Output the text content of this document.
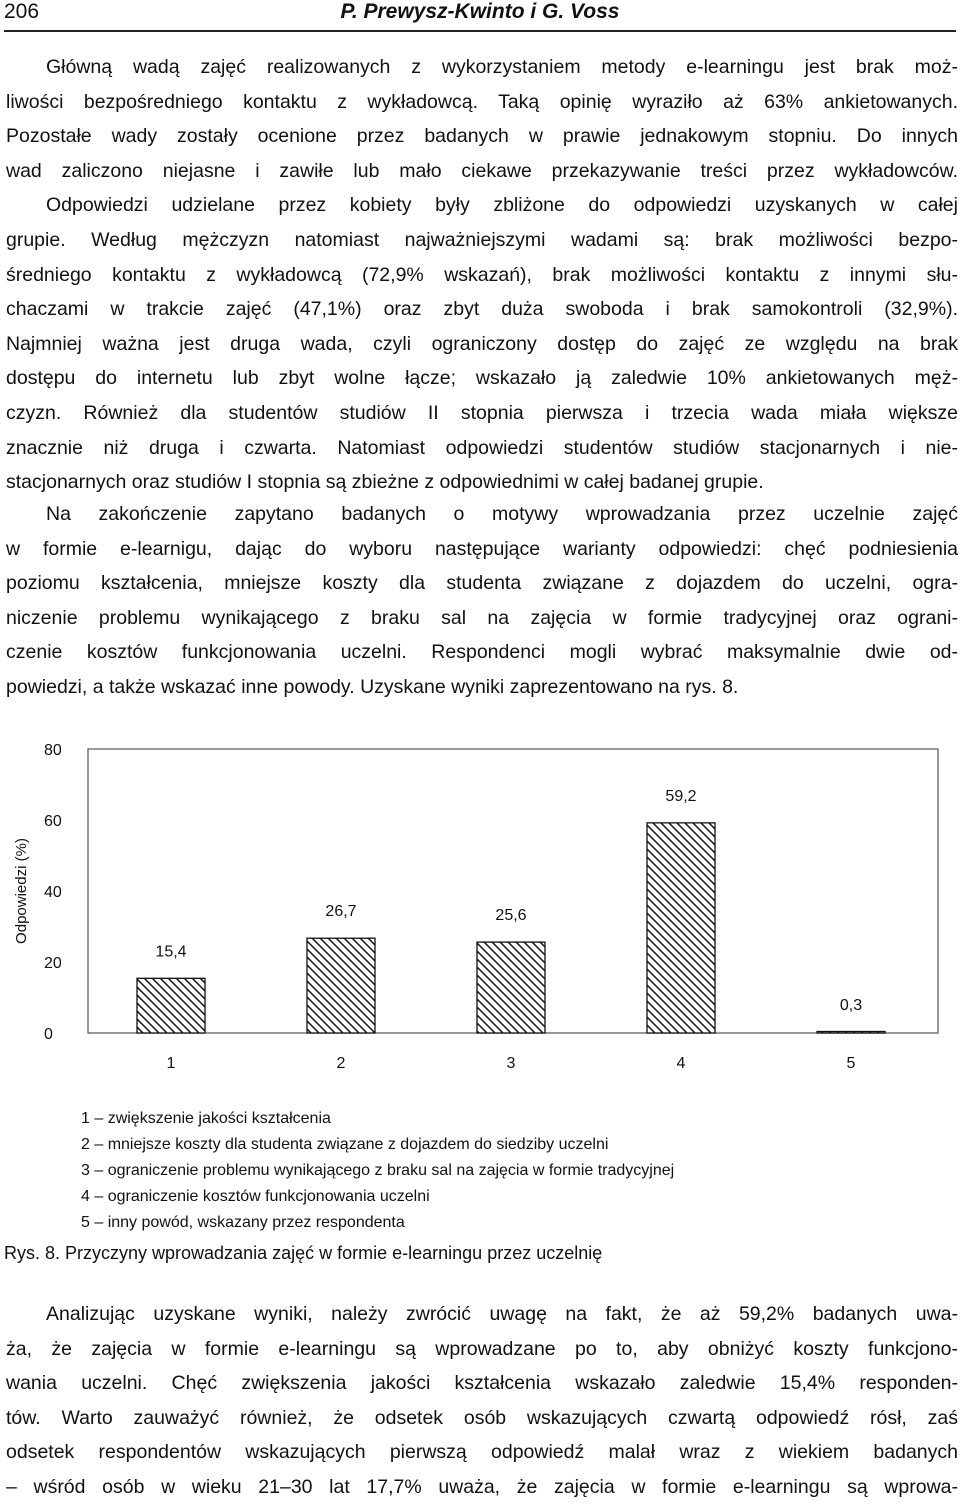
206	P. Prewysz-Kwinto i G. Voss
Główną wadą zajęć realizowanych z wykorzystaniem metody e-learningu jest brak moż-
liwości bezpośredniego kontaktu z wykładowcą. Taką opinię wyraziło aż 63% ankietowanych.
Pozostałe wady zostały ocenione przez badanych w prawie jednakowym stopniu. Do innych
wad zaliczono niejasne i zawiłe lub mało ciekawe przekazywanie treści przez wykładowców.
Odpowiedzi udzielane przez kobiety były zbliżone do odpowiedzi uzyskanych w całej
grupie. Według mężczyzn natomiast najważniejszymi wadami są: brak możliwości bezpo-
średniego kontaktu z wykładowcą (72,9% wskazań), brak możliwości kontaktu z innymi słu-
chaczami w trakcie zajęć (47,1%) oraz zbyt duża swoboda i brak samokontroli (32,9%).
Najmniej ważna jest druga wada, czyli ograniczony dostęp do zajęć ze względu na brak
dostępu do internetu lub zbyt wolne łącze; wskazało ją zaledwie 10% ankietowanych męż-
czyzn. Również dla studentów studiów II stopnia pierwsza i trzecia wada miała większe
znacznie niż druga i czwarta. Natomiast odpowiedzi studentów studiów stacjonarnych i nie-
stacjonarnych oraz studiów I stopnia są zbieżne z odpowiednimi w całej badanej grupie.
Na zakończenie zapytano badanych o motywy wprowadzania przez uczelnie zajęć
w formie e-learnigu, dając do wyboru następujące warianty odpowiedzi: chęć podniesienia
poziomu kształcenia, mniejsze koszty dla studenta związane z dojazdem do uczelni, ogra-
niczenie problemu wynikającego z braku sal na zajęcia w formie tradycyjnej oraz ograni-
czenie kosztów funkcjonowania uczelni. Respondenci mogli wybrać maksymalnie dwie od-
powiedzi, a także wskazać inne powody. Uzyskane wyniki zaprezentowano na rys. 8.
0
20
40
60
80
Odpowiedzi (%)
15,4
26,7	25,6
59,2
0,3
1	2	3	4	5
1 – zwiększenie jakości kształcenia
2 – mniejsze koszty dla studenta związane z dojazdem do siedziby uczelni
3 – ograniczenie problemu wynikającego z braku sal na zajęcia w formie tradycyjnej
4 – ograniczenie kosztów funkcjonowania uczelni
5 – inny powód, wskazany przez respondenta
Rys. 8. Przyczyny wprowadzania zajęć w formie e-learningu przez uczelnię
Analizując uzyskane wyniki, należy zwrócić uwagę na fakt, że aż 59,2% badanych uwa-
ża, że zajęcia w formie e-learningu są wprowadzane po to, aby obniżyć koszty funkcjono-
wania uczelni. Chęć zwiększenia jakości kształcenia wskazało zaledwie 15,4% responden-
tów. Warto zauważyć również, że odsetek osób wskazujących czwartą odpowiedź rósł, zaś
odsetek respondentów wskazujących pierwszą odpowiedź malał wraz z wiekiem badanych
– wśród osób w wieku 21–30 lat 17,7% uważa, że zajęcia w formie e-learningu są wprowa-
